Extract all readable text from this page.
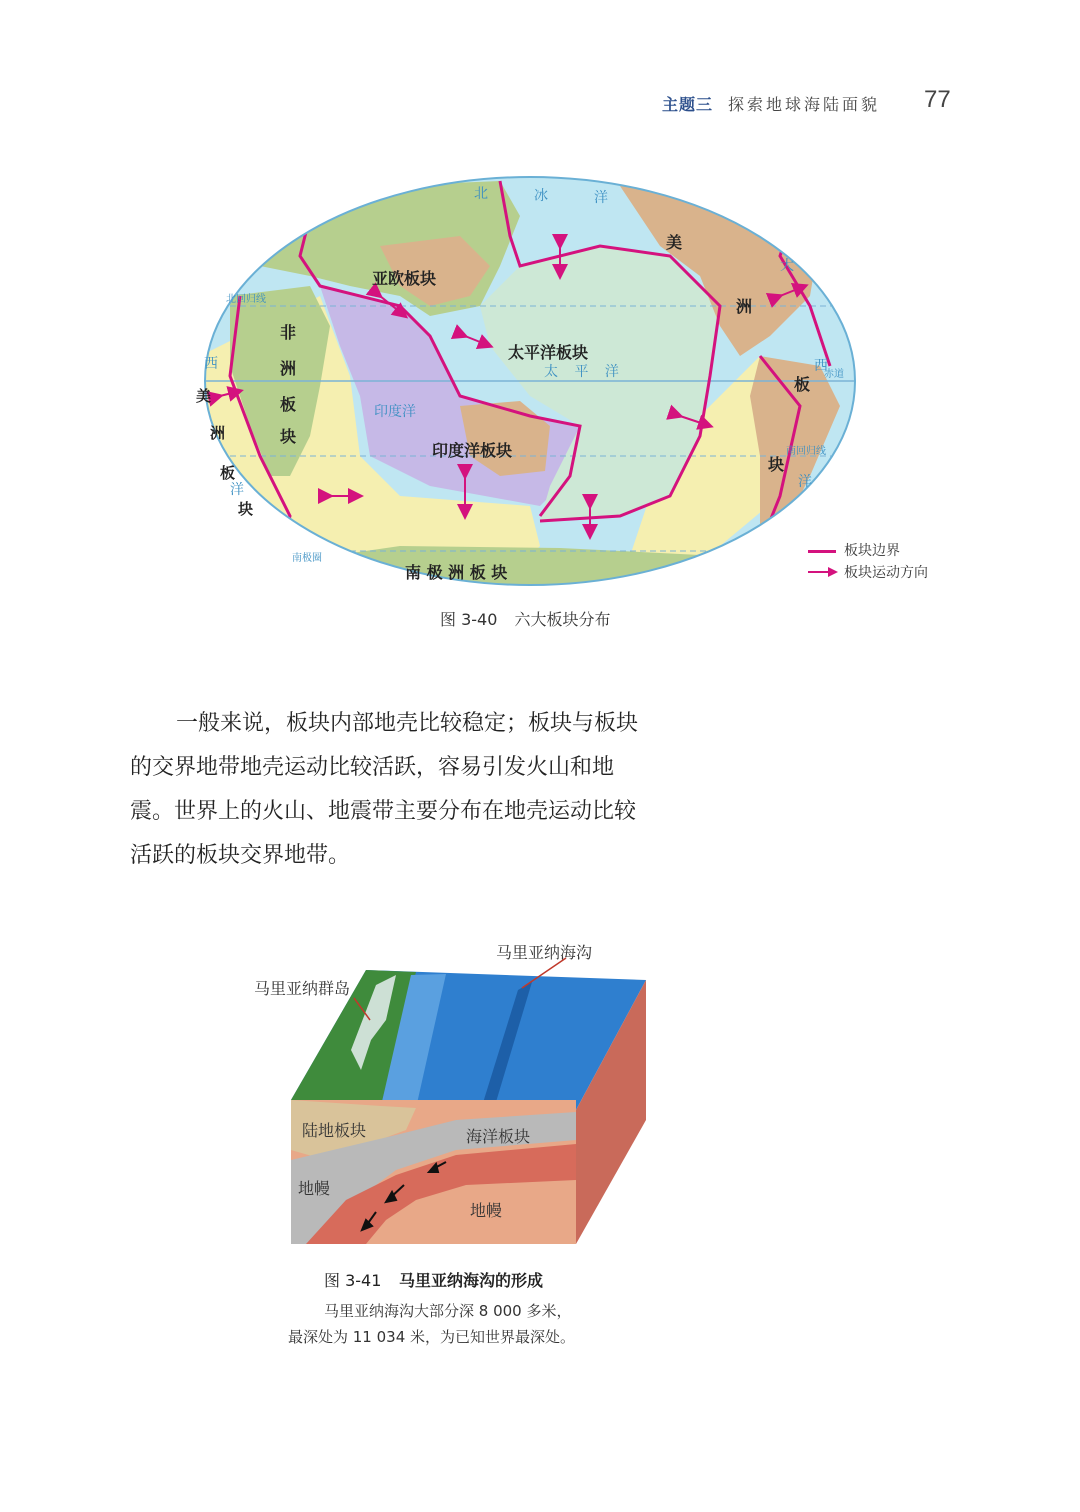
主题三 探索地球海陆面貌 77
亚欧板块
太平洋板块
印度洋板块
南 极 洲 板 块
非
洲
板
块
美
洲
板
块
美
洲
板
块
太 平 洋
印度洋
北	冰	洋
西
洋
大
西
洋
北回归线
南回归线
南极圈
赤道
板块边界
板块运动方向
图 3-40 六大板块分布
一般来说，板块内部地壳比较稳定；板块与板块的交界地带地壳运动比较活跃，容易引发火山和地震。世界上的火山、地震带主要分布在地壳运动比较活跃的板块交界地带。
马里亚纳海沟
马里亚纳群岛
陆地板块	海洋板块
地幔
地幔
图 3-41 马里亚纳海沟的形成
马里亚纳海沟大部分深 8 000 多米，
最深处为 11 034 米，为已知世界最深处。
